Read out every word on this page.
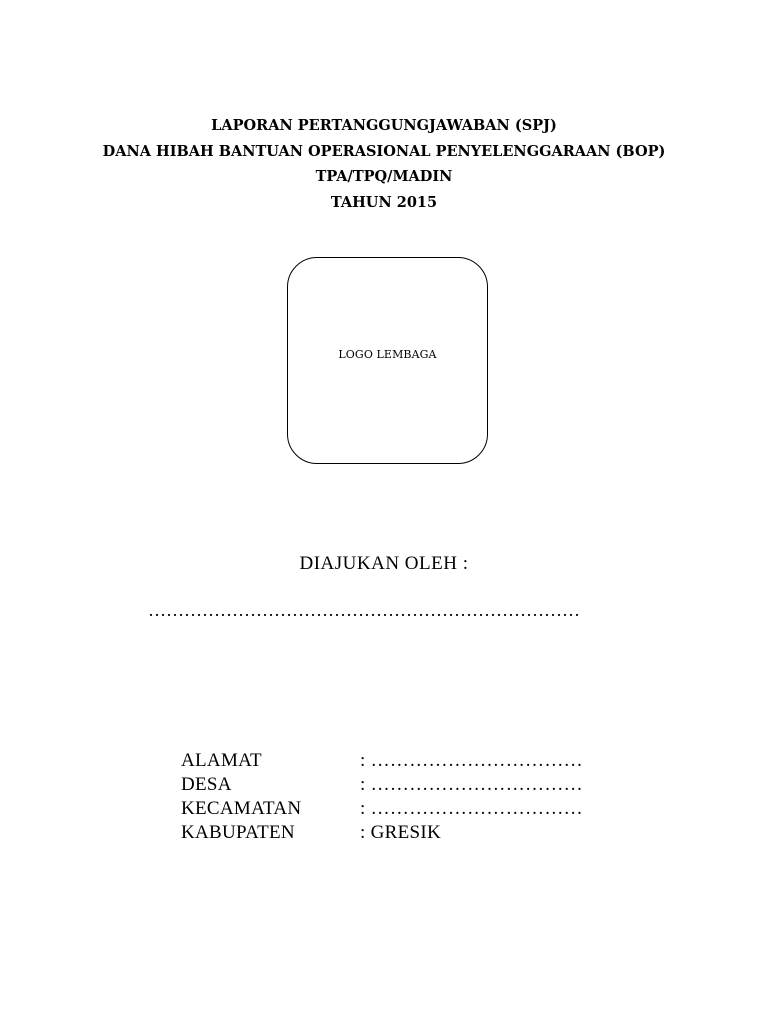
LAPORAN PERTANGGUNGJAWABAN (SPJ)
DANA HIBAH BANTUAN OPERASIONAL PENYELENGGARAAN (BOP)
TPA/TPQ/MADIN
TAHUN 2015
LOGO LEMBAGA
DIAJUKAN OLEH :
………………………………………………………………
ALAMAT	: ……………………………
DESA	: ……………………………
KECAMATAN	: ……………………………
KABUPATEN	: GRESIK
